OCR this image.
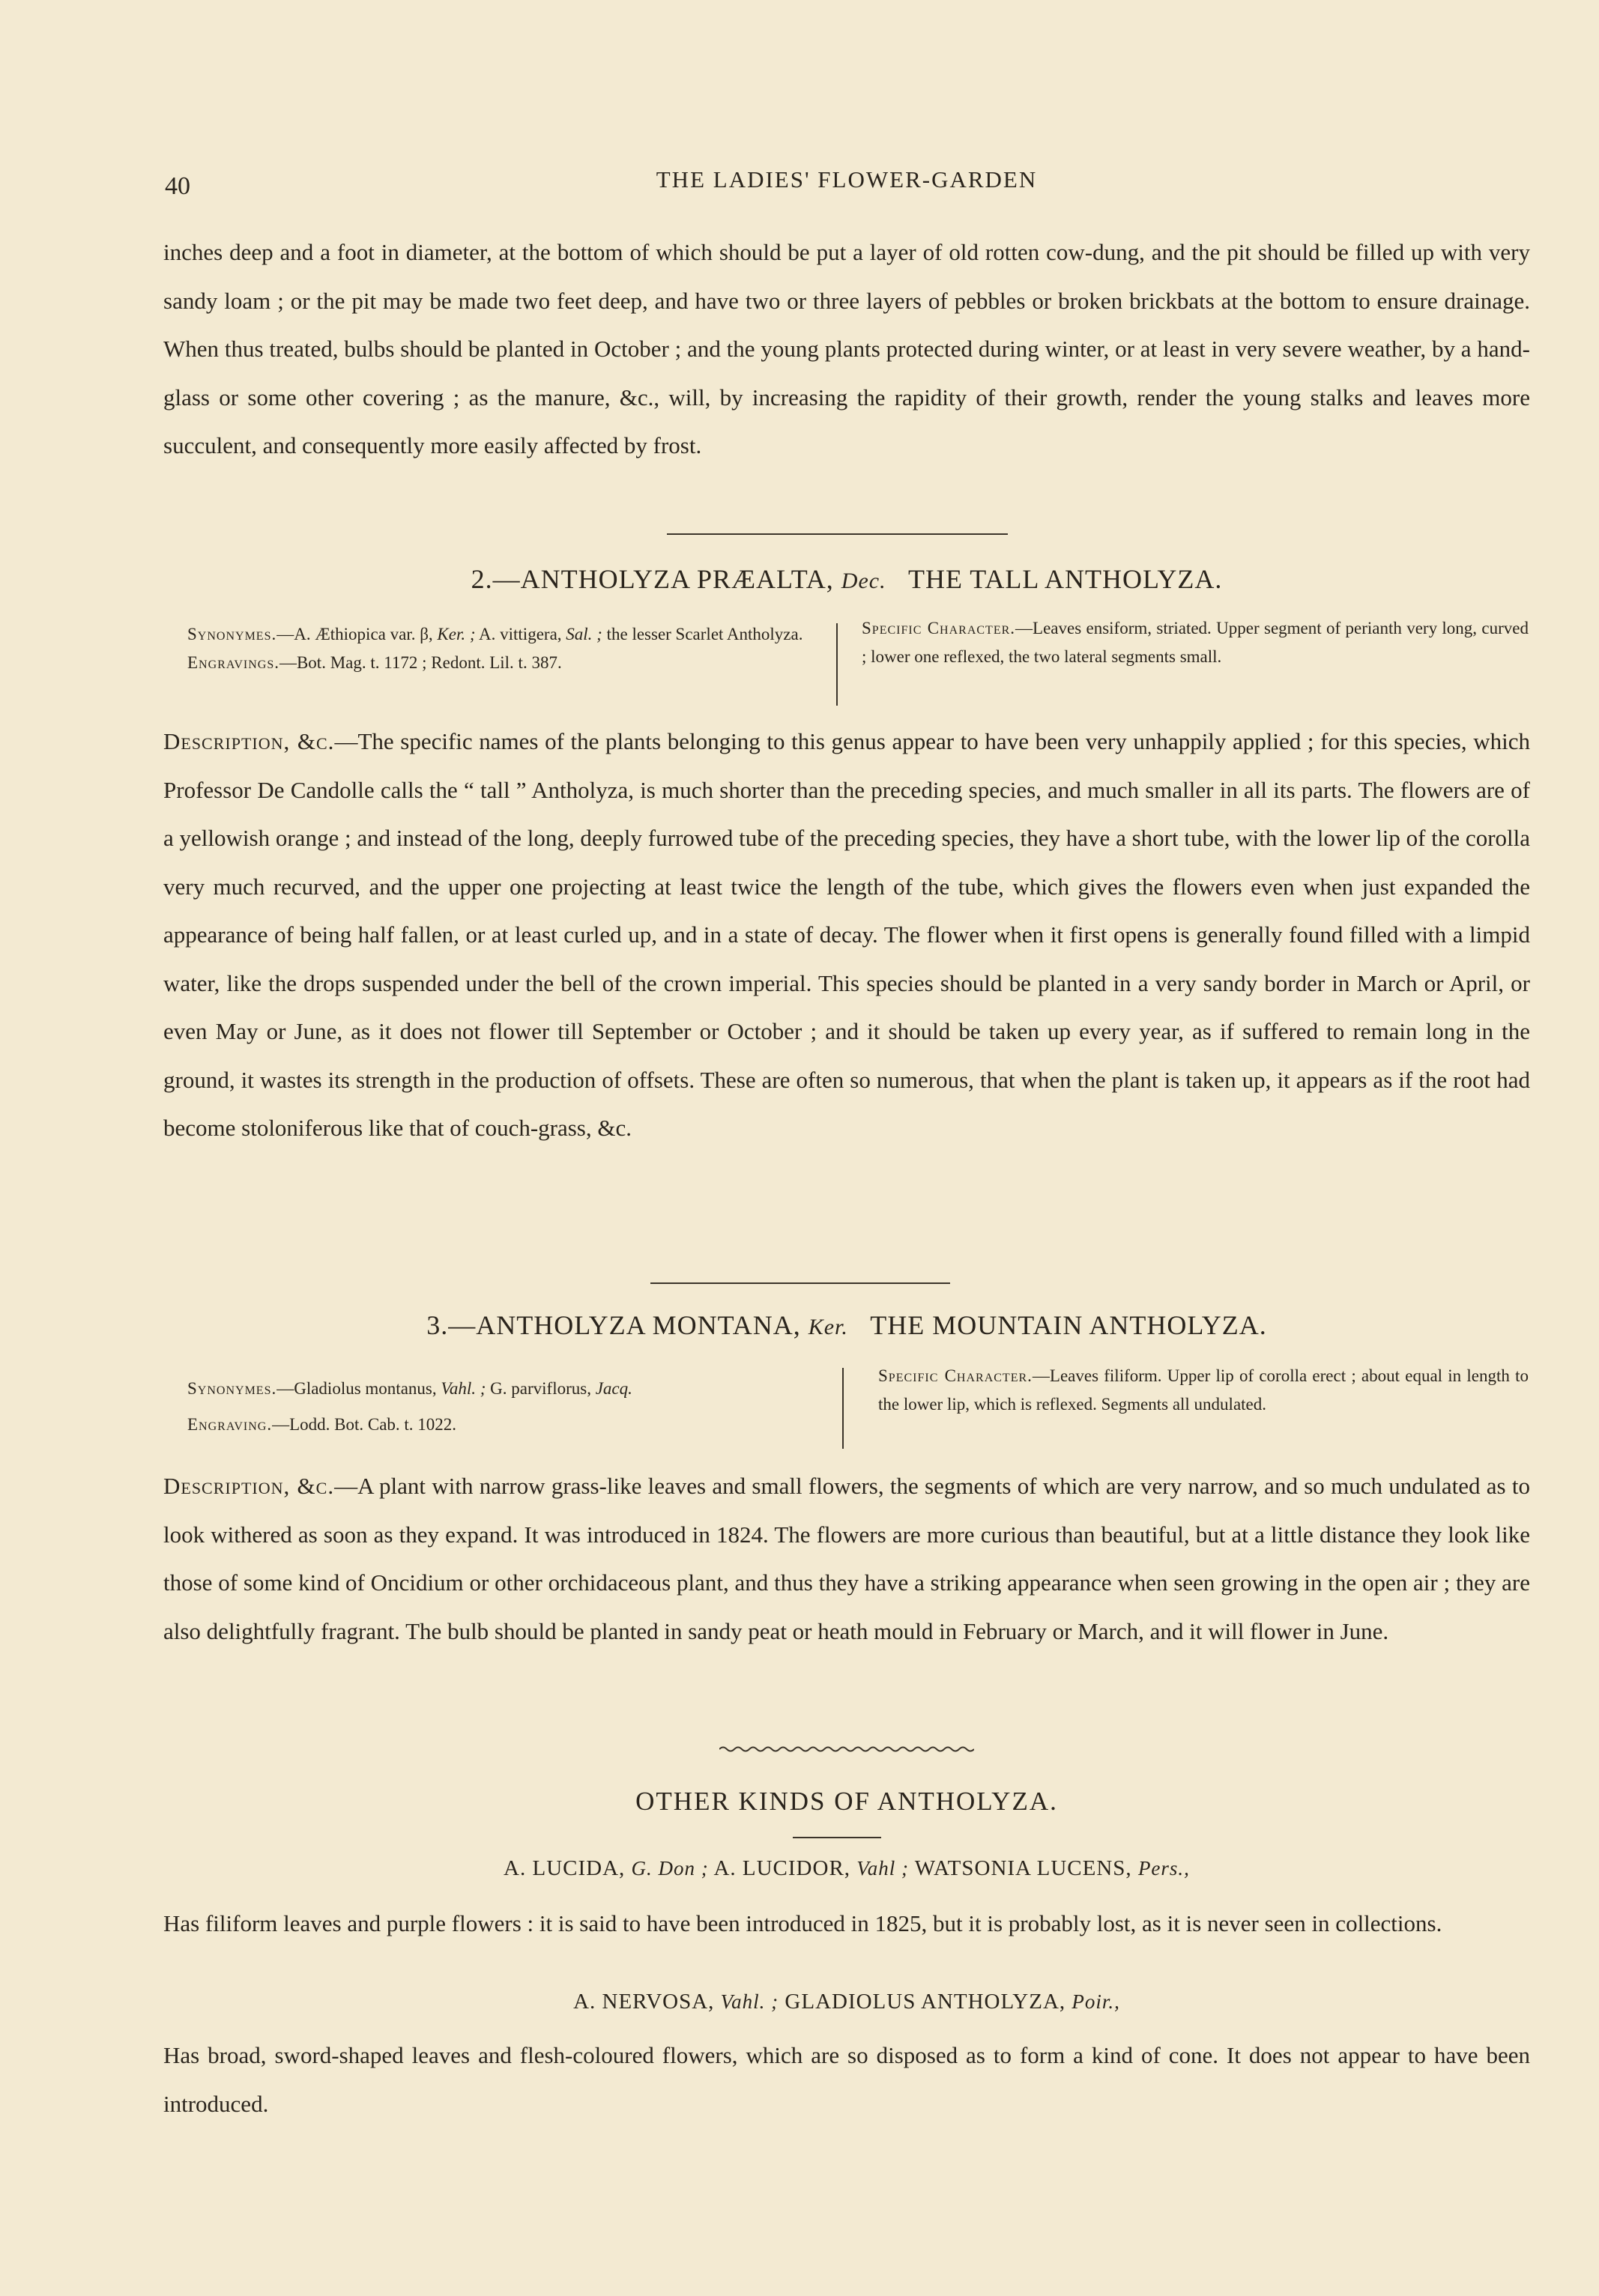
40	THE LADIES' FLOWER-GARDEN

inches deep and a foot in diameter, at the bottom of which should be put a layer of old rotten cow-dung, and the pit should be filled up with very sandy loam ; or the pit may be made two feet deep, and have two or three layers of pebbles or broken brickbats at the bottom to ensure drainage. When thus treated, bulbs should be planted in October ; and the young plants protected during winter, or at least in very severe weather, by a hand-glass or some other covering ; as the manure, &c., will, by increasing the rapidity of their growth, render the young stalks and leaves more succulent, and consequently more easily affected by frost.

2.—ANTHOLYZA PRÆALTA, Dec. THE TALL ANTHOLYZA.

Synonymes.—A. Æthiopica var. β, Ker. ; A. vittigera, Sal. ; the lesser Scarlet Antholyza.

Engravings.—Bot. Mag. t. 1172 ; Redont. Lil. t. 387.

Specific Character.—Leaves ensiform, striated. Upper segment of perianth very long, curved ; lower one reflexed, the two lateral segments small.

Description, &c.—The specific names of the plants belonging to this genus appear to have been very unhappily applied ; for this species, which Professor De Candolle calls the “ tall ” Antholyza, is much shorter than the preceding species, and much smaller in all its parts. The flowers are of a yellowish orange ; and instead of the long, deeply furrowed tube of the preceding species, they have a short tube, with the lower lip of the corolla very much recurved, and the upper one projecting at least twice the length of the tube, which gives the flowers even when just expanded the appearance of being half fallen, or at least curled up, and in a state of decay. The flower when it first opens is generally found filled with a limpid water, like the drops suspended under the bell of the crown imperial. This species should be planted in a very sandy border in March or April, or even May or June, as it does not flower till September or October ; and it should be taken up every year, as if suffered to remain long in the ground, it wastes its strength in the production of offsets. These are often so numerous, that when the plant is taken up, it appears as if the root had become stoloniferous like that of couch-grass, &c.

3.—ANTHOLYZA MONTANA, Ker. THE MOUNTAIN ANTHOLYZA.

Synonymes.—Gladiolus montanus, Vahl. ; G. parviflorus, Jacq.

Engraving.—Lodd. Bot. Cab. t. 1022.

Specific Character.—Leaves filiform. Upper lip of corolla erect ; about equal in length to the lower lip, which is reflexed. Segments all undulated.

Description, &c.—A plant with narrow grass-like leaves and small flowers, the segments of which are very narrow, and so much undulated as to look withered as soon as they expand. It was introduced in 1824. The flowers are more curious than beautiful, but at a little distance they look like those of some kind of Oncidium or other orchidaceous plant, and thus they have a striking appearance when seen growing in the open air ; they are also delightfully fragrant. The bulb should be planted in sandy peat or heath mould in February or March, and it will flower in June.

OTHER KINDS OF ANTHOLYZA.
A. LUCIDA, G. Don ; A. LUCIDOR, Vahl ; WATSONIA LUCENS, Pers.,

Has filiform leaves and purple flowers : it is said to have been introduced in 1825, but it is probably lost, as it is never seen in collections.

A. NERVOSA, Vahl. ; GLADIOLUS ANTHOLYZA, Poir.,

Has broad, sword-shaped leaves and flesh-coloured flowers, which are so disposed as to form a kind of cone. It does not appear to have been introduced.
